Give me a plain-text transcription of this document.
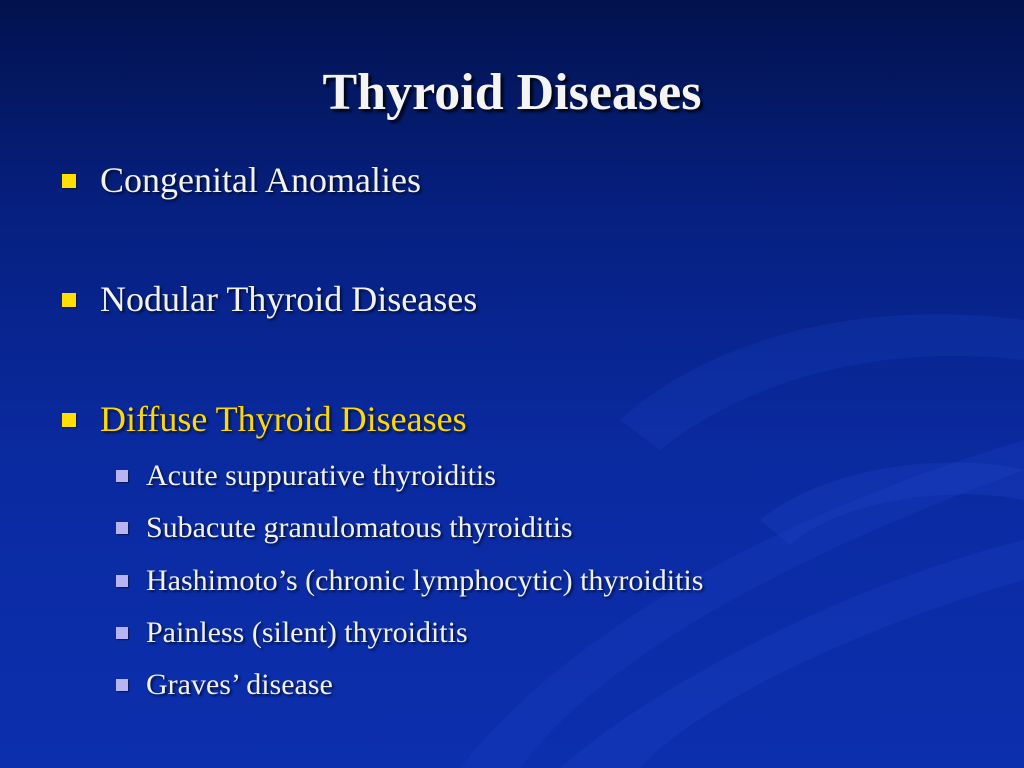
Thyroid Diseases
Congenital Anomalies
Nodular Thyroid Diseases
Diffuse Thyroid Diseases
Acute suppurative thyroiditis
Subacute granulomatous thyroiditis
Hashimoto’s (chronic lymphocytic) thyroiditis
Painless (silent) thyroiditis
Graves’ disease
